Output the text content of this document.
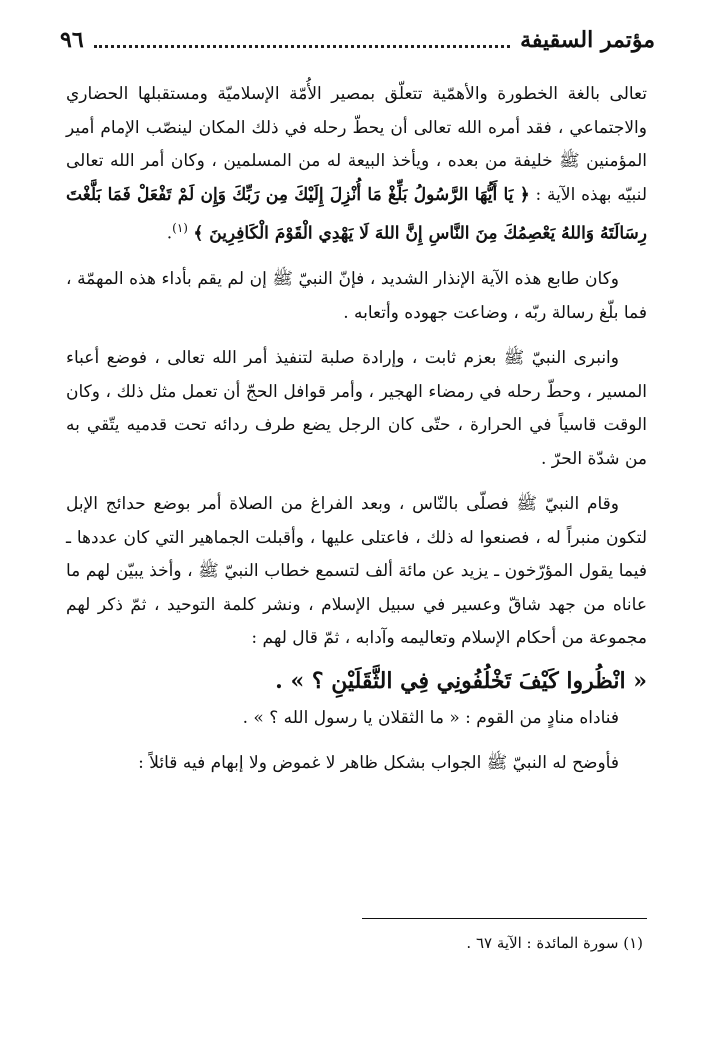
مؤتمر السقيفة
٩٦

تعالى بالغة الخطورة والأهمّية تتعلّق بمصير الأُمّة الإسلاميّة ومستقبلها الحضاري والاجتماعي ، فقد أمره الله تعالى أن يحطّ رحله في ذلك المكان لينصّب الإمام أمير المؤمنين ﷺ خليفة من بعده ، ويأخذ البيعة له من المسلمين ، وكان أمر الله تعالى لنبيّه بهذه الآية : ﴿ يَا أَيُّهَا الرَّسُولُ بَلِّغْ مَا أُنْزِلَ إِلَيْكَ مِن رَبِّكَ وَإِن لَمْ تَفْعَلْ فَمَا بَلَّغْتَ رِسَالَتَهُ وَاللهُ يَعْصِمُكَ مِنَ النَّاسِ إِنَّ اللهَ لَا يَهْدِي الْقَوْمَ الْكَافِرِينَ ﴾ $^{(١)}$.

وكان طابع هذه الآية الإنذار الشديد ، فإنّ النبيّ ﷺ إن لم يقم بأداء هذه المهمّة ، فما بلّغ رسالة ربّه ، وضاعت جهوده وأتعابه .

وانبرى النبيّ ﷺ بعزم ثابت ، وإرادة صلبة لتنفيذ أمر الله تعالى ، فوضع أعباء المسير ، وحطّ رحله في رمضاء الهجير ، وأمر قوافل الحجّ أن تعمل مثل ذلك ، وكان الوقت قاسياً في الحرارة ، حتّى كان الرجل يضع طرف ردائه تحت قدميه يتّقي به من شدّة الحرّ .

وقام النبيّ ﷺ فصلّى بالنّاس ، وبعد الفراغ من الصلاة أمر بوضع حدائج الإبل لتكون منبراً له ، فصنعوا له ذلك ، فاعتلى عليها ، وأقبلت الجماهير التي كان عددها ـ فيما يقول المؤرّخون ـ يزيد عن مائة ألف لتسمع خطاب النبيّ ﷺ ، وأخذ يبيّن لهم ما عاناه من جهد شاقّ وعسير في سبيل الإسلام ، ونشر كلمة التوحيد ، ثمّ ذكر لهم مجموعة من أحكام الإسلام وتعاليمه وآدابه ، ثمّ قال لهم :

« انْظُروا كَيْفَ تَخْلُفُونِي فِي الثَّقَلَيْنِ ؟ » .

فناداه منادٍ من القوم : « ما الثقلان يا رسول الله ؟ » .

فأوضح له النبيّ ﷺ الجواب بشكل ظاهر لا غموض ولا إبهام فيه قائلاً :

(١) سورة المائدة : الآية ٦٧ .
